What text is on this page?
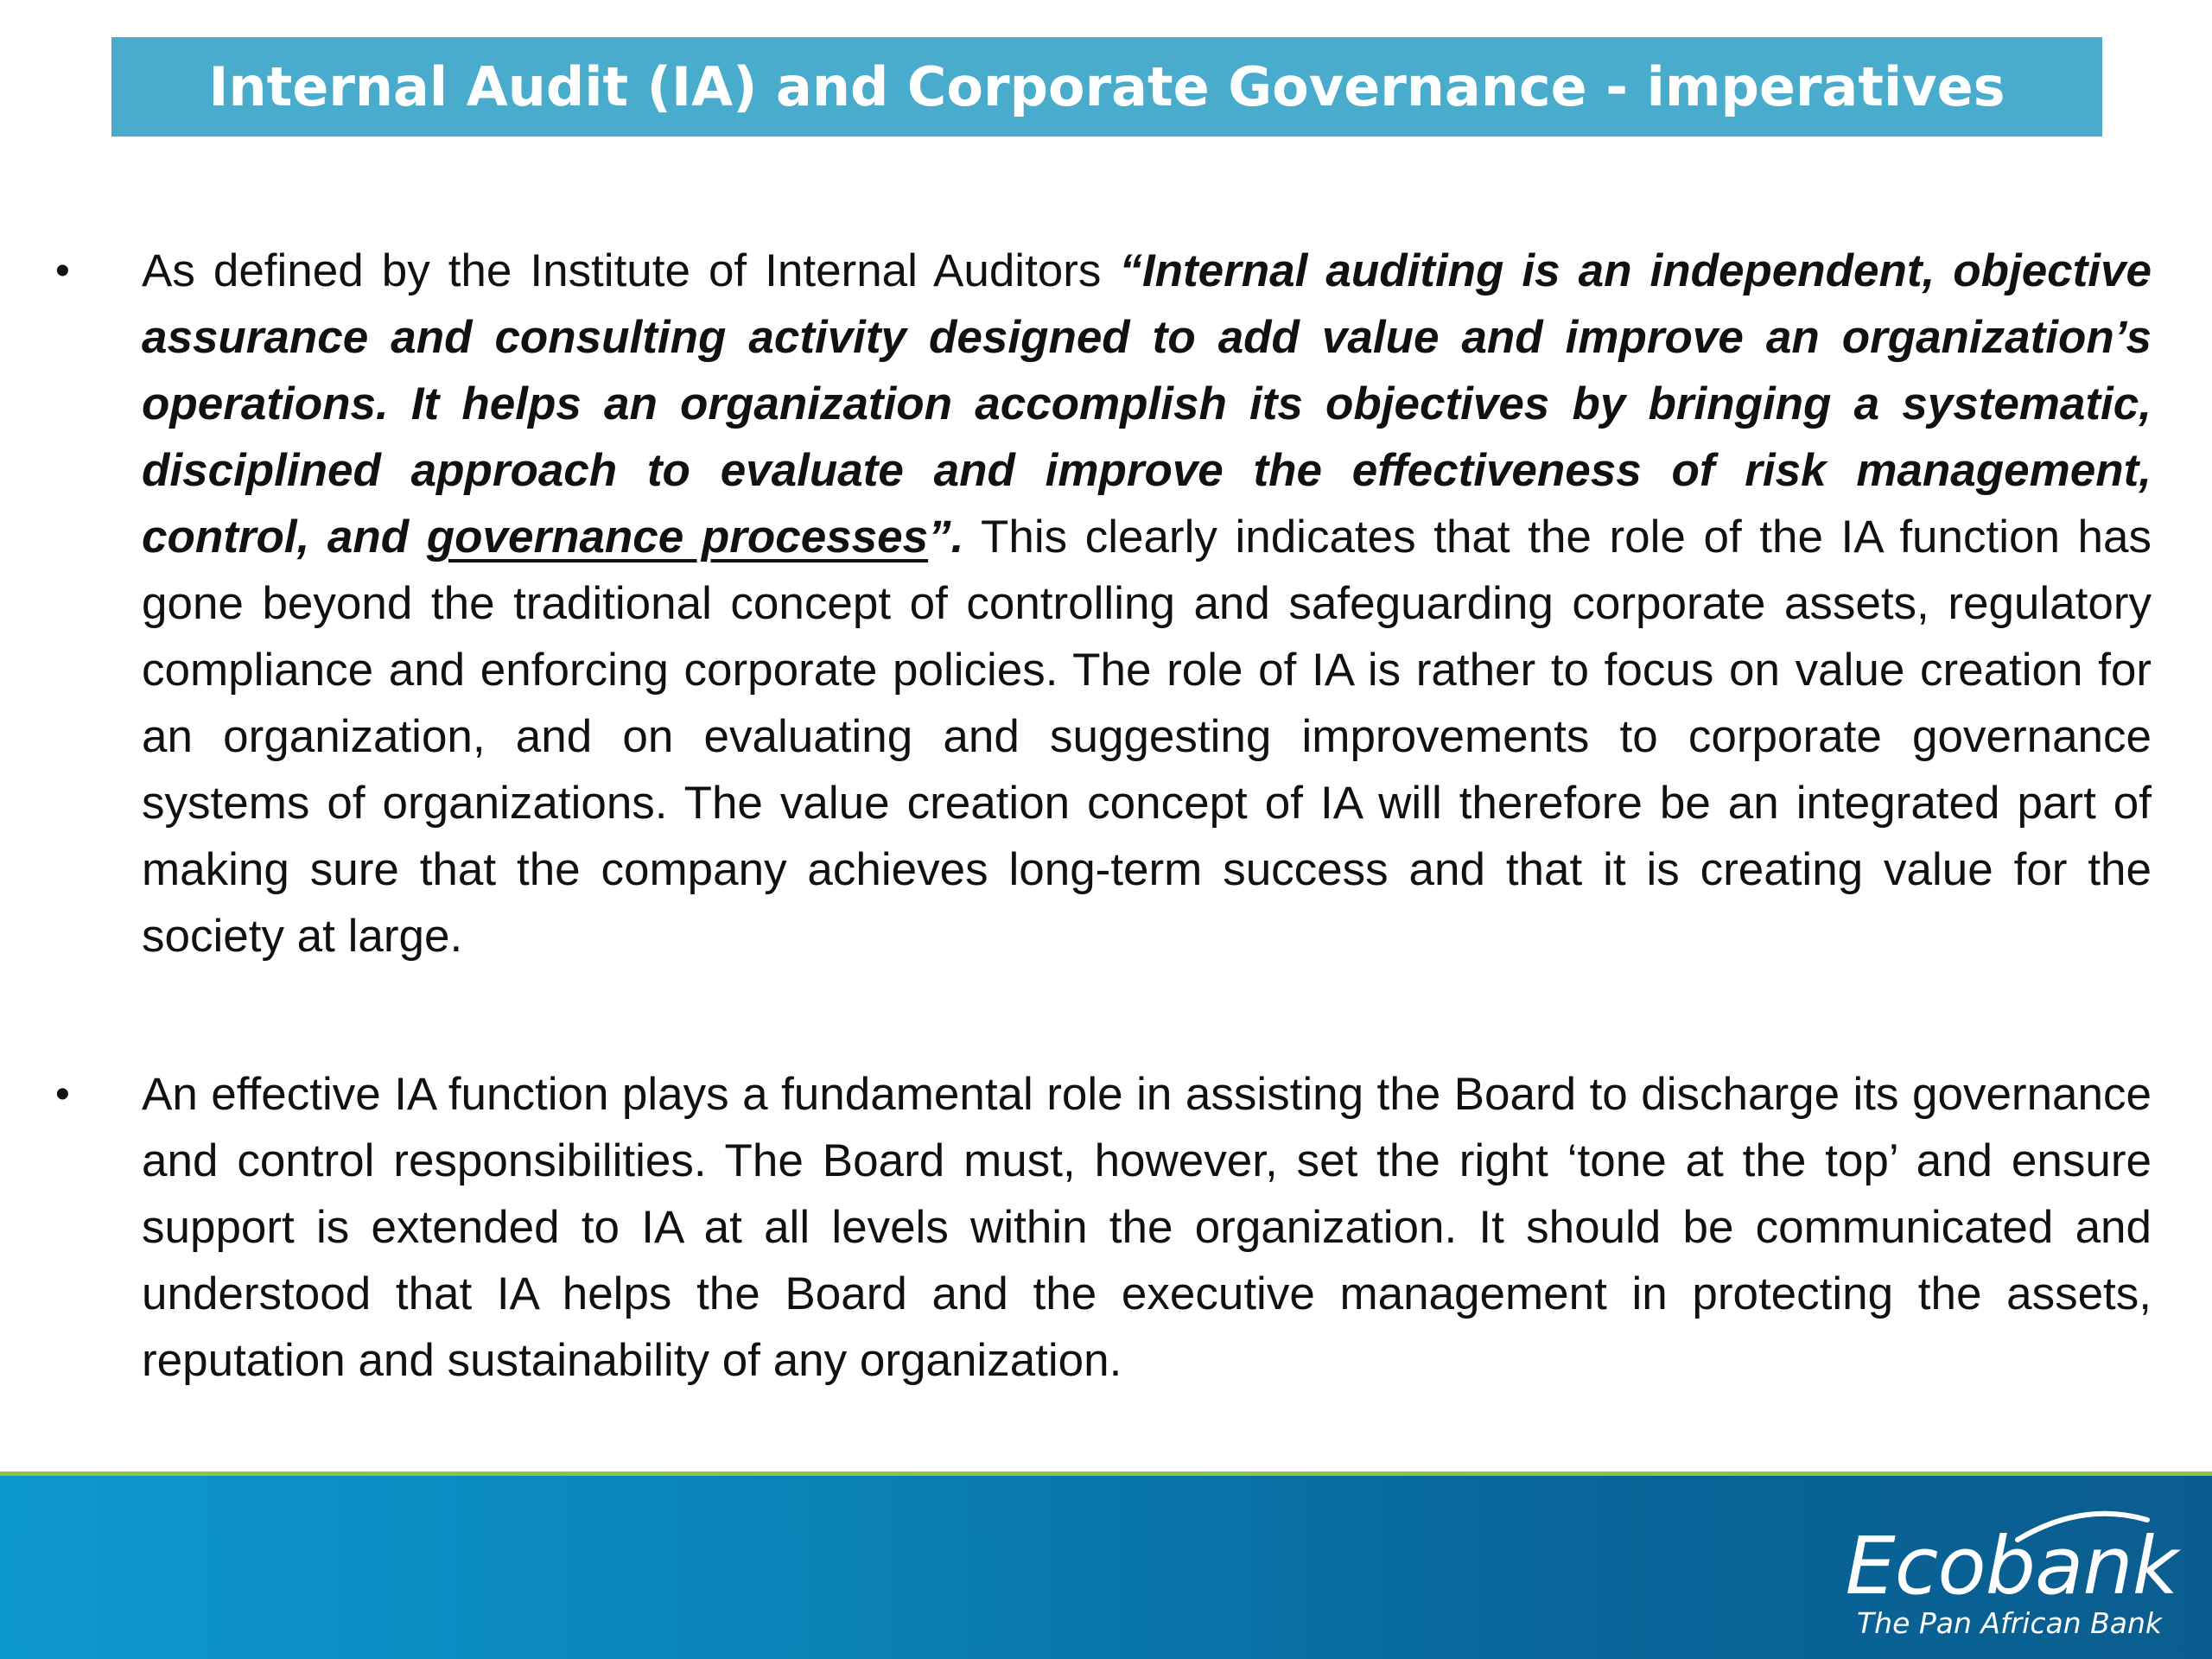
Internal Audit (IA) and Corporate Governance - imperatives
• As defined by the Institute of Internal Auditors “Internal auditing is an independent, objective assurance and consulting activity designed to add value and improve an organization’s operations. It helps an organization accomplish its objectives by bringing a systematic, disciplined approach to evaluate and improve the effectiveness of risk management, control, and governance processes”. This clearly indicates that the role of the IA function has gone beyond the traditional concept of controlling and safeguarding corporate assets, regulatory compliance and enforcing corporate policies. The role of IA is rather to focus on value creation for an organization, and on evaluating and suggesting improvements to corporate governance systems of organizations. The value creation concept of IA will therefore be an integrated part of making sure that the company achieves long-term success and that it is creating value for the society at large.
• An effective IA function plays a fundamental role in assisting the Board to discharge its governance and control responsibilities. The Board must, however, set the right ‘tone at the top’ and ensure support is extended to IA at all levels within the organization. It should be communicated and understood that IA helps the Board and the executive management in protecting the assets, reputation and sustainability of any organization.
Ecobank
The Pan African Bank
